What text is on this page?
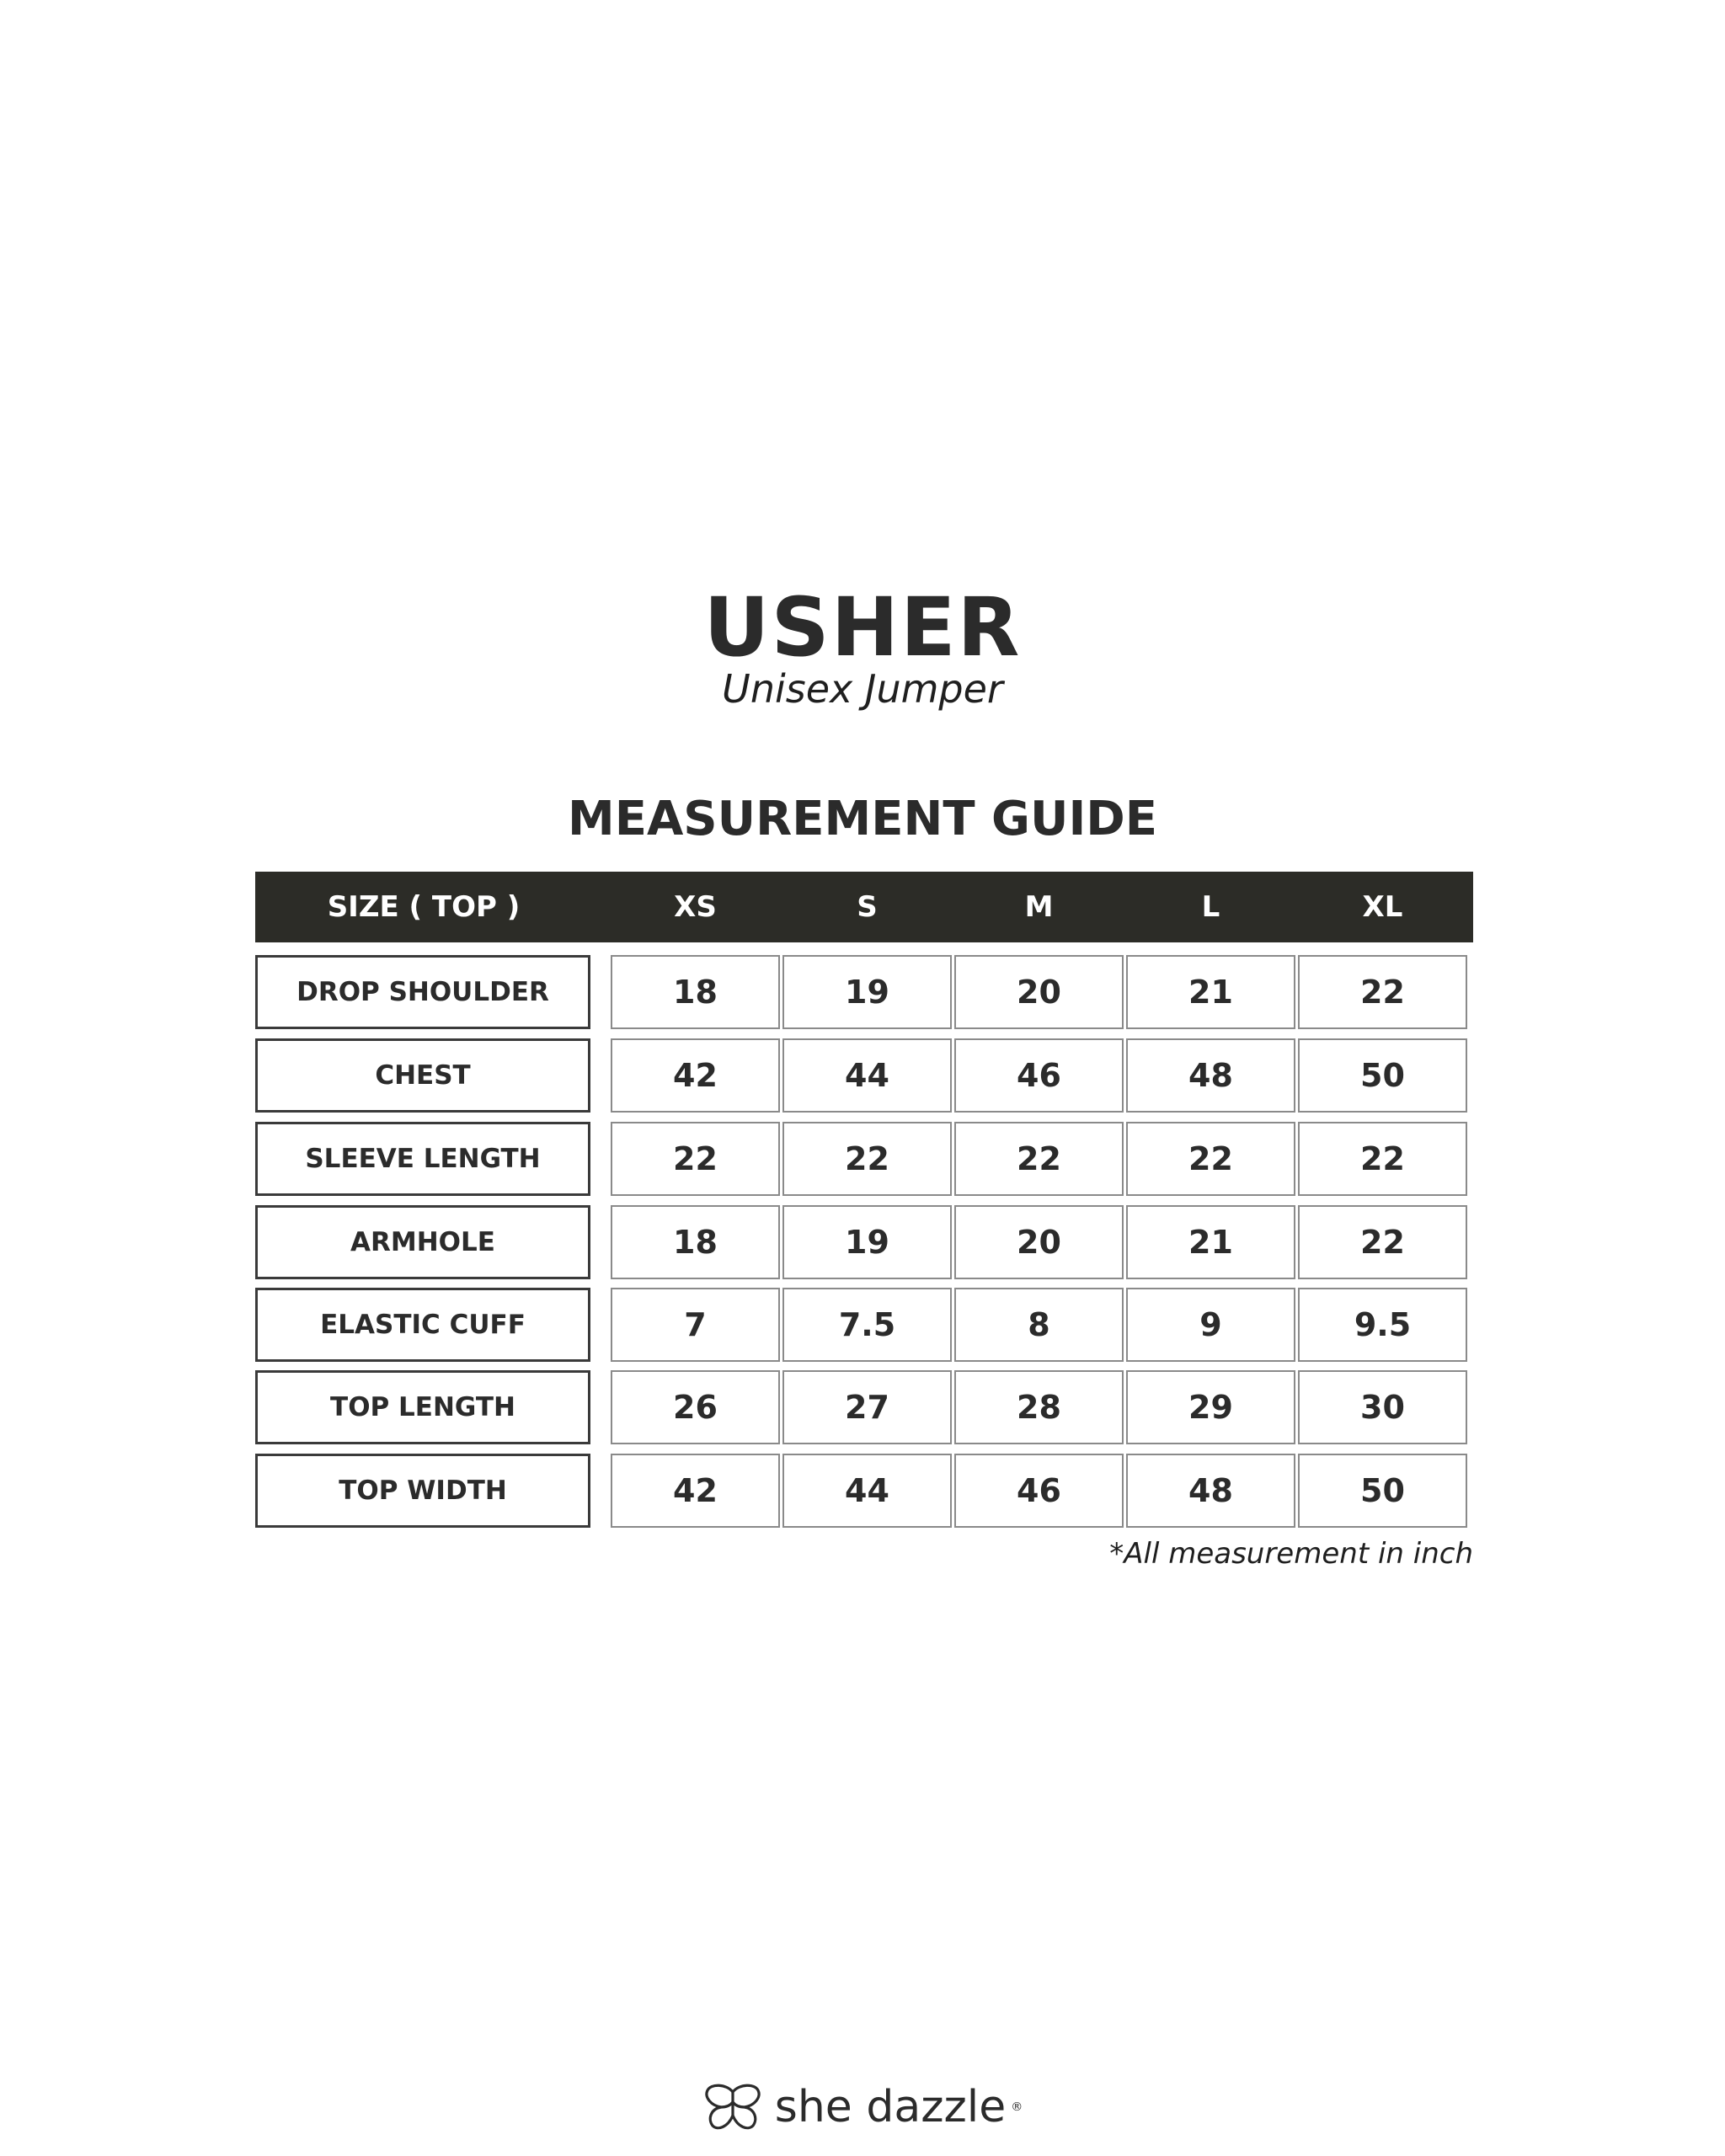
USHER
Unisex Jumper
MEASUREMENT GUIDE
SIZE ( TOP )	XS	S	M	L	XL
DROP SHOULDER	18	19	20	21	22
CHEST	42	44	46	48	50
SLEEVE LENGTH	22	22	22	22	22
ARMHOLE	18	19	20	21	22
ELASTIC CUFF	7	7.5	8	9	9.5
TOP LENGTH	26	27	28	29	30
TOP WIDTH	42	44	46	48	50
*All measurement in inch
she dazzle ®
